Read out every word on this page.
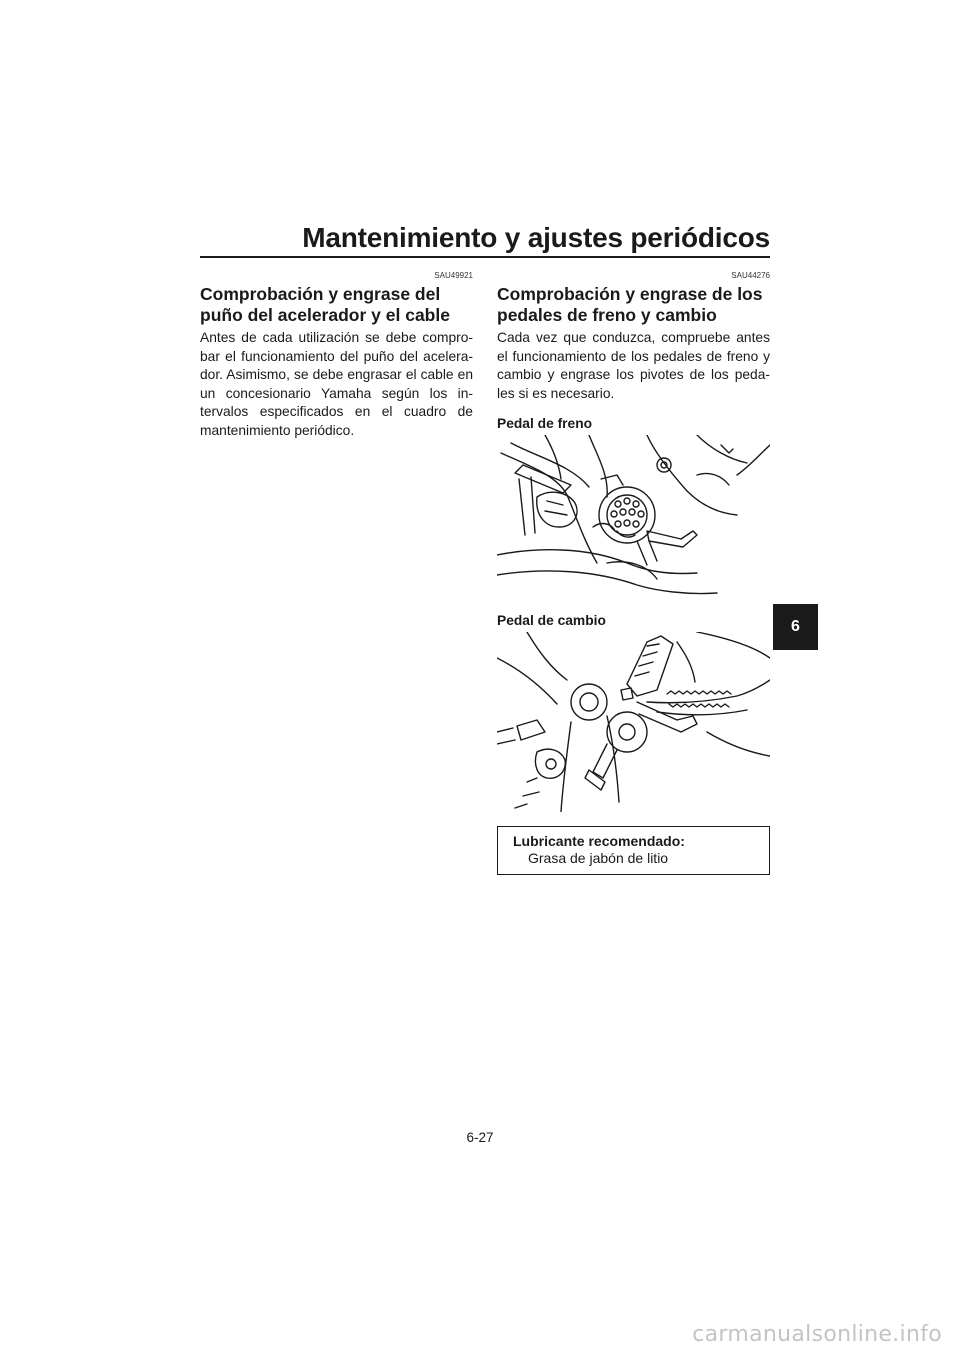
Mantenimiento y ajustes periódicos
6
SAU49921
Comprobación y engrase del puño del acelerador y el cable

Antes de cada utilización se debe compro-bar el funcionamiento del puño del acelera-dor. Asimismo, se debe engrasar el cable en un concesionario Yamaha según los in-tervalos especificados en el cuadro de mantenimiento periódico.

SAU44276
Comprobación y engrase de los pedales de freno y cambio

Cada vez que conduzca, compruebe antes el funcionamiento de los pedales de freno y cambio y engrase los pivotes de los peda-les si es necesario.

Pedal de freno
Pedal de cambio
Lubricante recomendado:
Grasa de jabón de litio
6-27
carmanualsonline.info
